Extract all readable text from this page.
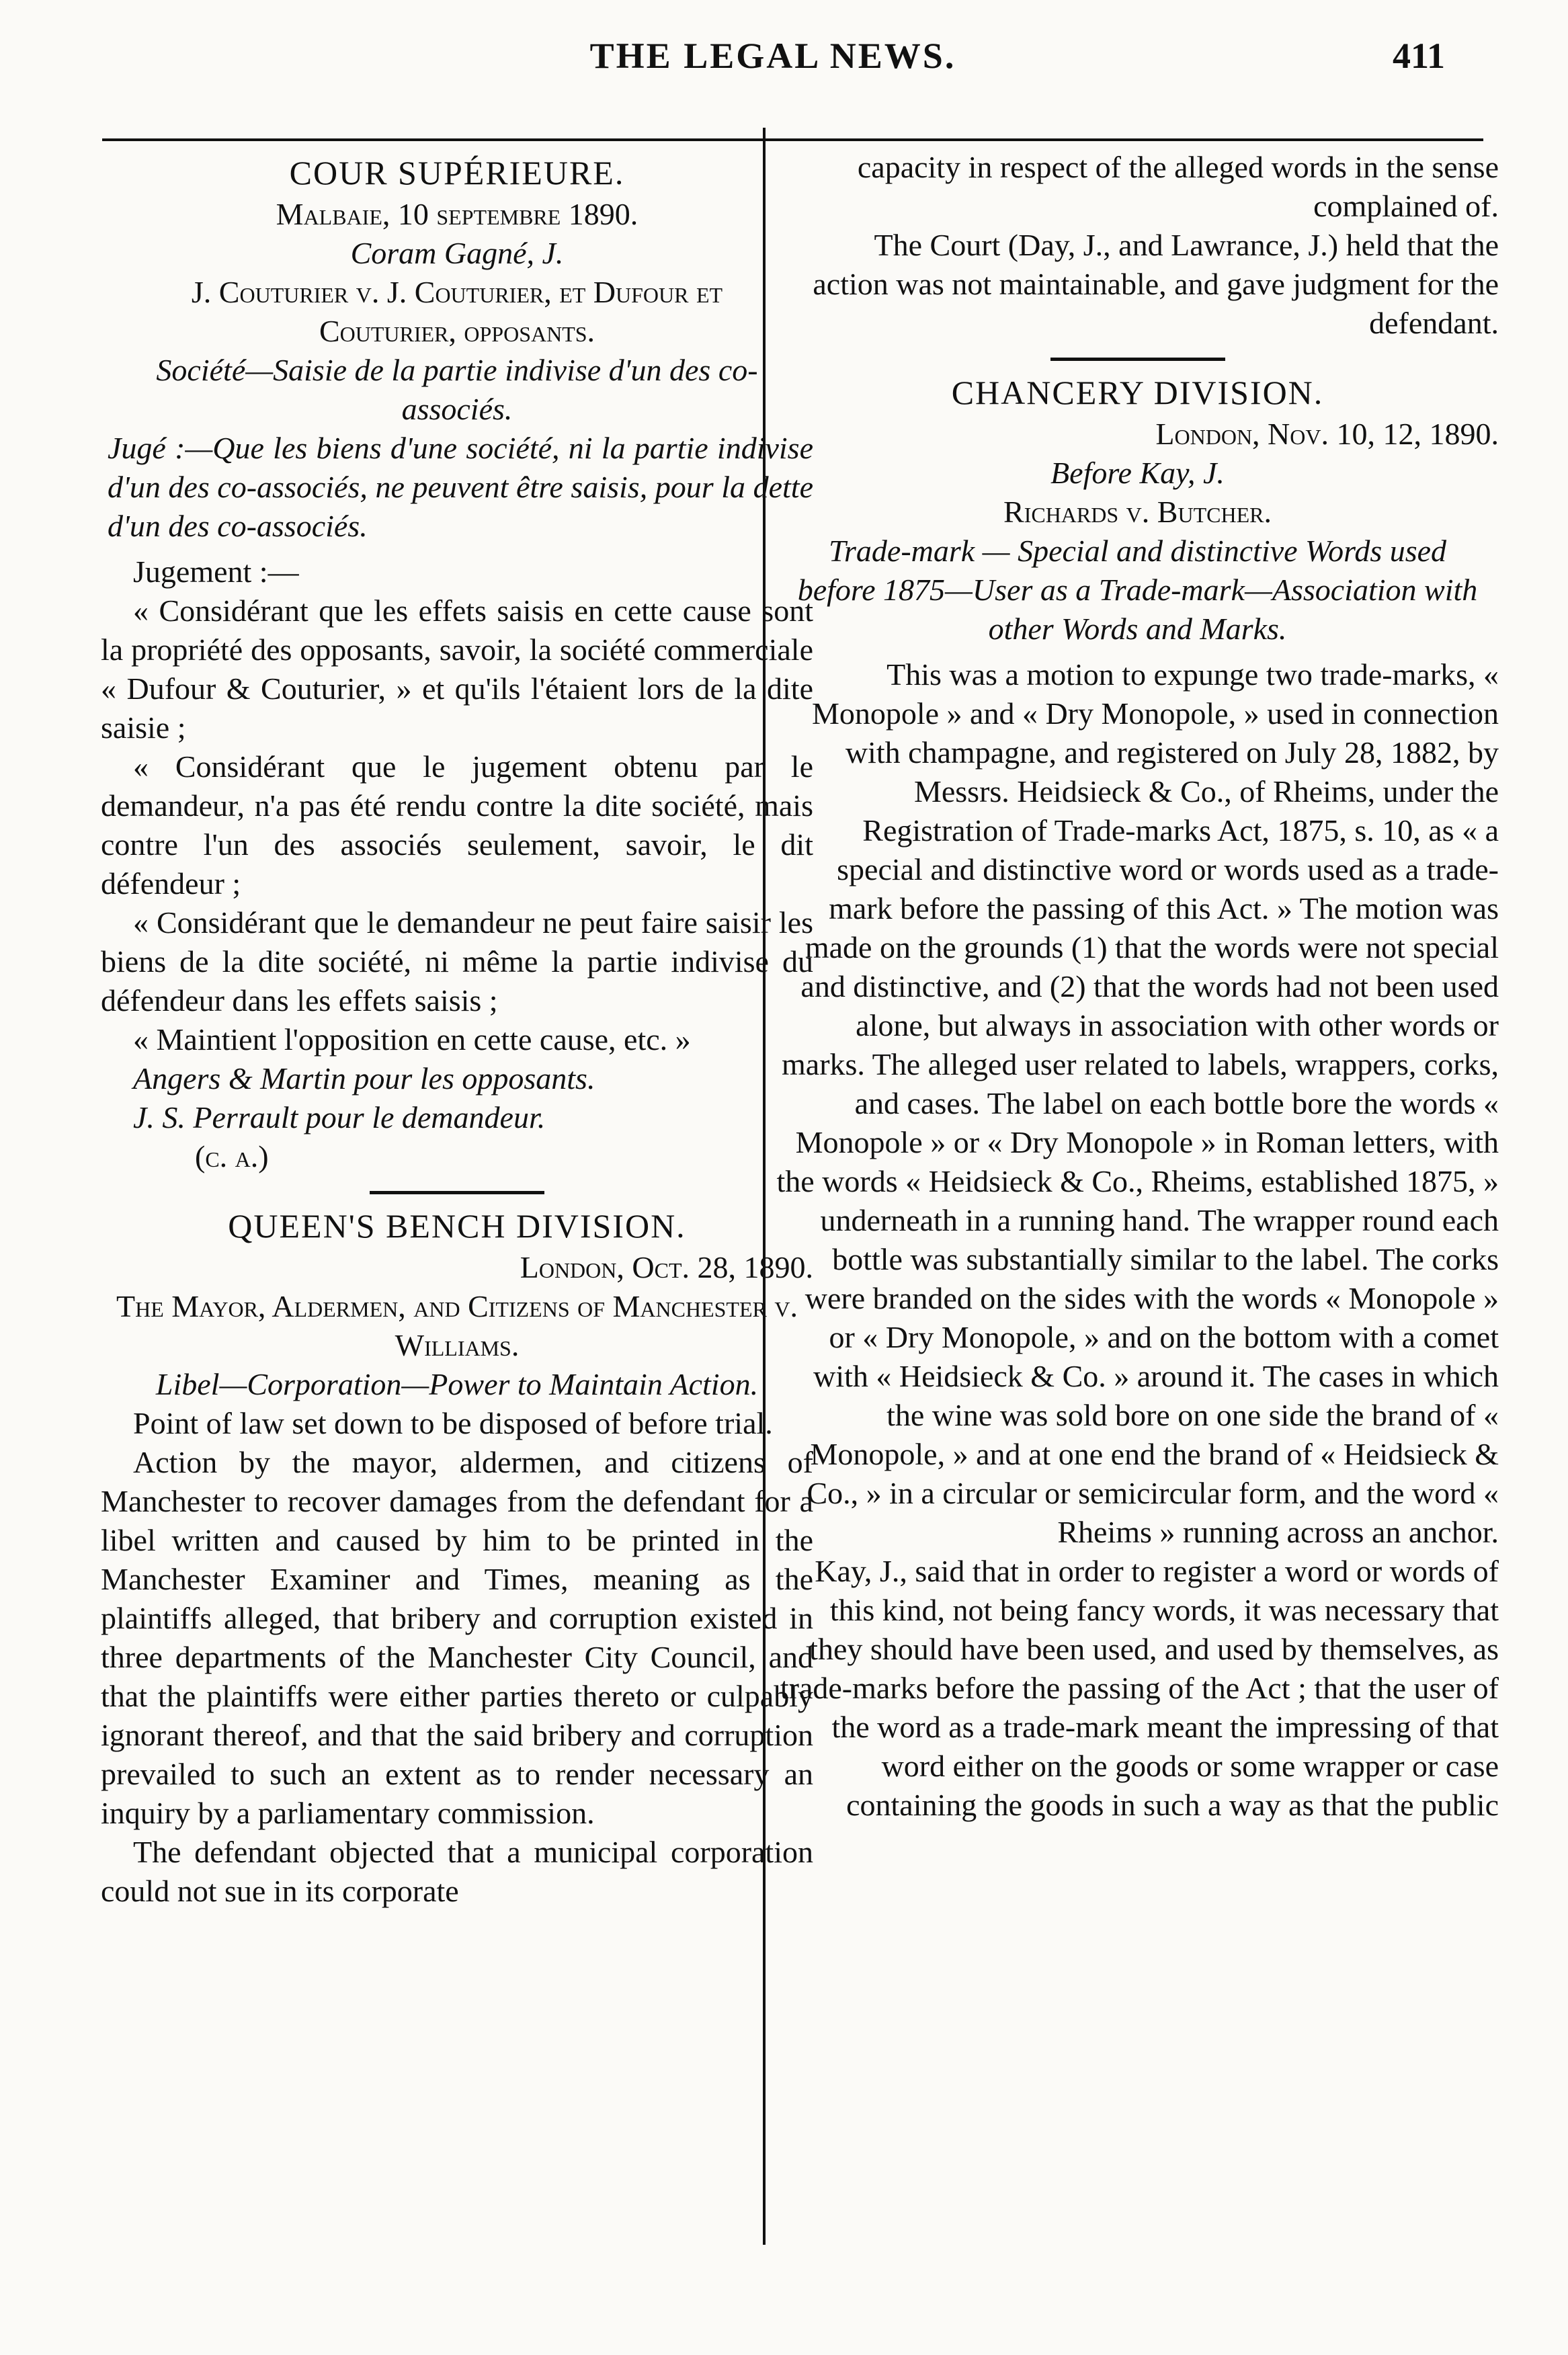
THE LEGAL NEWS.	411
COUR SUPÉRIEURE.

Malbaie, 10 septembre 1890.

Coram Gagné, J.

J. Couturier v. J. Couturier, et Dufour et

Couturier, opposants.

Société—Saisie de la partie indivise d'un des co-associés.

Jugé :—Que les biens d'une société, ni la partie indivise d'un des co-associés, ne peuvent être saisis, pour la dette d'un des co-associés.

Jugement :—

« Considérant que les effets saisis en cette cause sont la propriété des opposants, savoir, la société commerciale « Dufour & Couturier, » et qu'ils l'étaient lors de la dite saisie ;

« Considérant que le jugement obtenu par le demandeur, n'a pas été rendu contre la dite société, mais contre l'un des associés seulement, savoir, le dit défendeur ;

« Considérant que le demandeur ne peut faire saisir les biens de la dite société, ni même la partie indivise du défendeur dans les effets saisis ;

« Maintient l'opposition en cette cause, etc. »

Angers & Martin pour les opposants.

J. S. Perrault pour le demandeur.

(c. a.)

QUEEN'S BENCH DIVISION.

London, Oct. 28, 1890.

The Mayor, Aldermen, and Citizens of Manchester v. Williams.

Libel—Corporation—Power to Maintain Action.

Point of law set down to be disposed of before trial.

Action by the mayor, aldermen, and citizens of Manchester to recover damages from the defendant for a libel written and caused by him to be printed in the Manchester Examiner and Times, meaning as the plaintiffs alleged, that bribery and corruption existed in three departments of the Manchester City Council, and that the plaintiffs were either parties thereto or culpably ignorant thereof, and that the said bribery and corruption prevailed to such an extent as to render necessary an inquiry by a parliamentary commission.

The defendant objected that a municipal corporation could not sue in its corporate

capacity in respect of the alleged words in the sense complained of.

The Court (Day, J., and Lawrance, J.) held that the action was not maintainable, and gave judgment for the defendant.

CHANCERY DIVISION.

London, Nov. 10, 12, 1890.

Before Kay, J.

Richards v. Butcher.

Trade-mark — Special and distinctive Words used before 1875—User as a Trade-mark—Association with other Words and Marks.

This was a motion to expunge two trade-marks, « Monopole » and « Dry Monopole, » used in connection with champagne, and registered on July 28, 1882, by Messrs. Heidsieck & Co., of Rheims, under the Registration of Trade-marks Act, 1875, s. 10, as « a special and distinctive word or words used as a trade-mark before the passing of this Act. » The motion was made on the grounds (1) that the words were not special and distinctive, and (2) that the words had not been used alone, but always in association with other words or marks. The alleged user related to labels, wrappers, corks, and cases. The label on each bottle bore the words « Monopole » or « Dry Monopole » in Roman letters, with the words « Heidsieck & Co., Rheims, established 1875, » underneath in a running hand. The wrapper round each bottle was substantially similar to the label. The corks were branded on the sides with the words « Monopole » or « Dry Monopole, » and on the bottom with a comet with « Heidsieck & Co. » around it. The cases in which the wine was sold bore on one side the brand of « Monopole, » and at one end the brand of « Heidsieck & Co., » in a circular or semicircular form, and the word « Rheims » running across an anchor.

Kay, J., said that in order to register a word or words of this kind, not being fancy words, it was necessary that they should have been used, and used by themselves, as trade-marks before the passing of the Act ; that the user of the word as a trade-mark meant the impressing of that word either on the goods or some wrapper or case containing the goods in such a way as that the public
